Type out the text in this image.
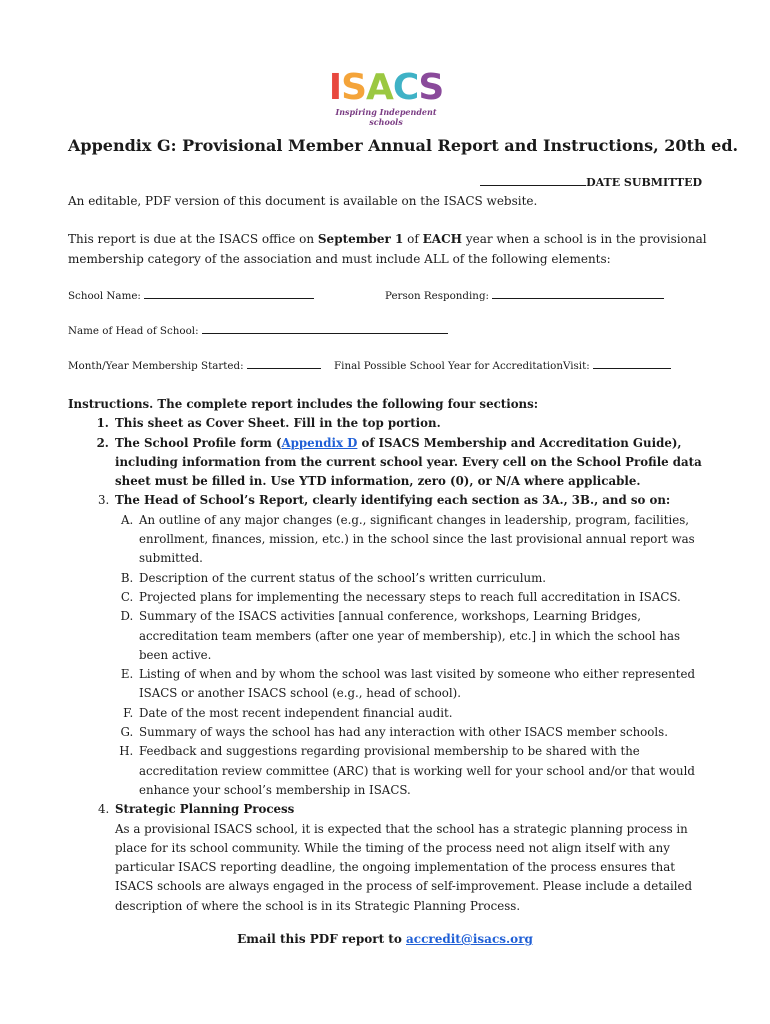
I S A C S
Inspiring Independent schools
Appendix G: Provisional Member Annual Report and Instructions, 20th ed.
DATE SUBMITTED
An editable, PDF version of this document is available on the ISACS website.
This report is due at the ISACS office on September 1 of EACH year when a school is in the provisional
membership category of the association and must include ALL of the following elements:
School Name:	Person Responding:
Name of Head of School:
Month/Year Membership Started:	Final Possible School Year for AccreditationVisit:
Instructions. The complete report includes the following four sections:
1. This sheet as Cover Sheet. Fill in the top portion.
2. The School Profile form (Appendix D of ISACS Membership and Accreditation Guide), including information from the current school year. Every cell on the School Profile data sheet must be filled in. Use YTD information, zero (0), or N/A where applicable.
3. The Head of School’s Report, clearly identifying each section as 3A., 3B., and so on:
A. An outline of any major changes (e.g., significant changes in leadership, program, facilities, enrollment, finances, mission, etc.) in the school since the last provisional annual report was submitted.
B. Description of the current status of the school’s written curriculum.
C. Projected plans for implementing the necessary steps to reach full accreditation in ISACS.
D. Summary of the ISACS activities [annual conference, workshops, Learning Bridges, accreditation team members (after one year of membership), etc.] in which the school has been active.
E. Listing of when and by whom the school was last visited by someone who either represented ISACS or another ISACS school (e.g., head of school).
F. Date of the most recent independent financial audit.
G. Summary of ways the school has had any interaction with other ISACS member schools.
H. Feedback and suggestions regarding provisional membership to be shared with the accreditation review committee (ARC) that is working well for your school and/or that would enhance your school’s membership in ISACS.
4. Strategic Planning Process
As a provisional ISACS school, it is expected that the school has a strategic planning process in place for its school community. While the timing of the process need not align itself with any particular ISACS reporting deadline, the ongoing implementation of the process ensures that ISACS schools are always engaged in the process of self-improvement. Please include a detailed description of where the school is in its Strategic Planning Process.
Email this PDF report to accredit@isacs.org
